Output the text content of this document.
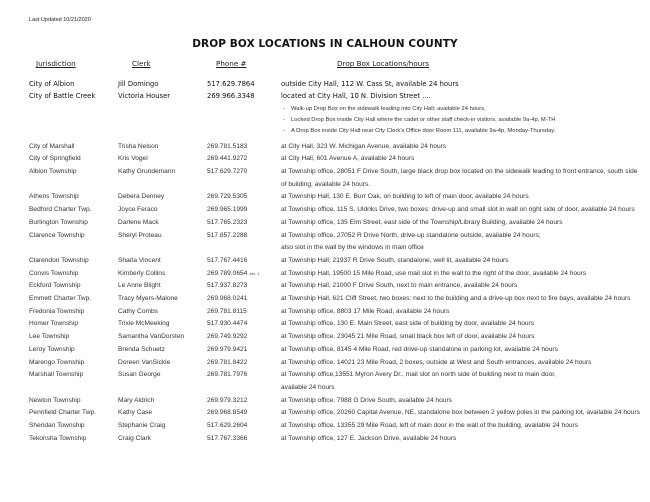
Last Updated 10/21/2020
DROP BOX LOCATIONS IN CALHOUN COUNTY
Jurisdiction	Clerk	Phone #	Drop Box Locations/hours
City of Albion	Jill Domingo	517.629.7864	outside City Hall, 112 W. Cass St, available 24 hours
City of Battle Creek	Victoria Houser	269.966.3348	located at City Hall, 10 N. Division Street ....
- Walk-up Drop Box on the sidewalk leading into City Hall; available 24 hours,
- Locked Drop Box inside City Hall where the cadet or other staff check-in visitors, available 9a-4p, M-TH
- A Drop Box inside City Hall near City Clerk’s Office door Room 111, available 9a-4p, Monday-Thursday.
City of Marshall	Trisha Nelson	269.781.5183	at City Hall, 323 W. Michigan Avenue, available 24 hours
City of Springfield	Kris Vogel	269.441.9272	at City Hall, 601 Avenue A, available 24 hours
Albion Township	Kathy Grundemann	517.629.7270	at Township office, 28051 F Drive South, large black drop box located on the sidewalk leading to front entrance, south side of building; available 24 hours.
Athens Township	Debera Denney	269.729.5305	at Township Hall, 130 E. Burr Oak, on building to left of main door, available 24 hours
Bedford Charter Twp.	Joyce Feraco	269.965.1999	at Township office, 115 S. Uldriks Drive, two boxes: drive-up and small slot in wall on right side of door, available 24 hours
Burlington Township	Darlene Mack	517.765.2323	at Township office, 135 Elm Street, east side of the Township/Library Building, available 24 hours
Clarence Township	Sheryl Proteau	517.857.2288	at Township office, 27052 R Drive North, drive-up standalone outside, available 24 hours;
also slot in the wall by the windows in main office
Clarendon Township	Sharla Vincent	517.767.4416	at Township Hall, 21937 R Drive South, standalone, well lit, available 24 hours
Convis Township	Kimberly Collins	269.789.0654, ext. 1	at Township Hall, 19500 15 Mile Road, use mail slot in the wall to the right of the door, available 24 hours
Eckford Township	Le Anne Blight	517.937.8273	at Township Hall, 21000 F Drive South, next to main entrance, available 24 hours
Emmett Charter Twp.	Tracy Myers-Malone	269.968.0241	at Township Hall, 621 Cliff Street, two boxes: next to the building and a drive-up box next to fire bays, available 24 hours
Fredonia Township	Cathy Combs	269.781.8115	at Township office, 8803 17 Mile Road, available 24 hours
Homer Township	Trixie McMeeking	517.930.4474	at Township office, 130 E. Main Street, east side of building by door, available 24 hours
Lee Township	Samantha VanDorsten	269.749.9292	at Township office, 23045 21 Mile Road, small black box left of door, available 24 hours
Leroy Township	Brenda Schuetz	269.979.9421	at Township office, 8145 4 Mile Road, red drive-up standalone in parking lot, available 24 hours
Marengo Township	Doreen VanSickle	269.781.8422	at Township office, 14021 23 Mile Road, 2 boxes, outside at West and South entrances, available 24 hours
Marshall Township	Susan George	269.781.7976	at Township office,13551 Myron Avery Dr., mail slot on north side of building next to main door,
available 24 hours
Newton Township	Mary Aldrich	269.979.3212	at Township office, 7988 G Drive South, available 24 hours
Pennfield Charter Twp.	Kathy Case	269.968.8549	at Township office, 20260 Capital Avenue, NE, standalone box between 2 yellow poles in the parking lot, available 24 hours
Sheridan Township	Stephanie Craig	517.629.2604	at Township office, 13355 29 Mile Road, left of main door in the wall of the building, available 24 hours
Tekonsha Township	Craig Clark	517.767.3366	at Township office, 127 E. Jackson Drive, available 24 hours
